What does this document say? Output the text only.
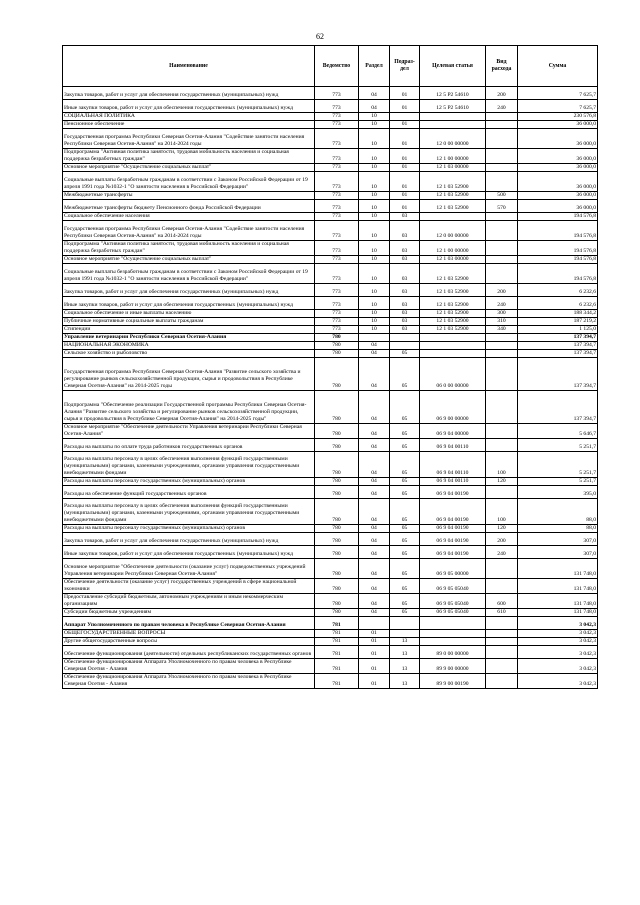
62
Наименование	Ведомство	Раздел	Подраз-дел	Целевая статья	Вид расхода	Сумма
Закупка товаров, работ и услуг для обеспечения государственных (муниципальных) нужд	773	04	01	12 5 P2 54610	200	7 625,7
Иные закупки товаров, работ и услуг для обеспечения государственных (муниципальных) нужд	773	04	01	12 5 P2 54610	240	7 625,7
СОЦИАЛЬНАЯ ПОЛИТИКА	773	10				230 576,8
Пенсионное обеспечение	773	10	01			36 000,0
Государственная программа Республики Северная Осетия-Алания "Содействие занятости населения Республики Северная Осетия-Алания" на 2014-2024 годы	773	10	01	12 0 00 00000		36 000,0
Подпрограмма "Активная политика занятости, трудовая мобильность населения и социальная поддержка безработных граждан"	773	10	01	12 1 00 00000		36 000,0
Основное мероприятие "Осуществление социальных выплат"	773	10	01	12 1 03 00000		36 000,0
Социальные выплаты безработным гражданам в соответствии с Законом Российской Федерации от 19 апреля 1991 года №1032-1 "О занятости населения в Российской Федерации"	773	10	01	12 1 03 52900		36 000,0
Межбюджетные трансферты	773	10	01	12 1 03 52900	500	36 000,0
Межбюджетные трансферты бюджету Пенсионного фонда Российской Федерации	773	10	01	12 1 03 52900	570	36 000,0
Социальное обеспечение населения	773	10	03			194 576,8
Государственная программа Республики Северная Осетия-Алания "Содействие занятости населения Республики Северная Осетия-Алания" на 2014-2024 годы	773	10	03	12 0 00 00000		194 576,8
Подпрограмма "Активная политика занятости, трудовая мобильность населения и социальная поддержка безработных граждан"	773	10	03	12 1 00 00000		194 576,8
Основное мероприятие "Осуществление социальных выплат"	773	10	03	12 1 03 00000		194 576,8
Социальные выплаты безработным гражданам в соответствии с Законом Российской Федерации от 19 апреля 1991 года №1032-1 "О занятости населения в Российской Федерации"	773	10	03	12 1 03 52900		194 576,8
Закупка товаров, работ и услуг для обеспечения государственных (муниципальных) нужд	773	10	03	12 1 03 52900	200	6 232,6
Иные закупки товаров, работ и услуг для обеспечения государственных (муниципальных) нужд	773	10	03	12 1 03 52900	240	6 232,6
Социальное обеспечение и иные выплаты населению	773	10	03	12 1 03 52900	300	188 344,2
Публичные нормативные социальные выплаты гражданам	773	10	03	12 1 03 52900	310	187 219,2
Стипендии	773	10	03	12 1 03 52900	340	1 125,0
Управление ветеринарии Республики Северная Осетия-Алания	780					137 394,7
НАЦИОНАЛЬНАЯ ЭКОНОМИКА	780	04				137 394,7
Сельское хозяйство и рыболовство	780	04	05			137 394,7
Государственная программа Республики Северная Осетия-Алания "Развитие сельского хозяйства и регулирование рынков сельскохозяйственной продукции, сырья и продовольствия в Республике Северная Осетия-Алания" на 2014-2025 годы	780	04	05	06 0 00 00000		137 394,7
Подпрограмма "Обеспечение реализации Государственной программы Республики Северная Осетия-Алания "Развитие сельского хозяйства и регулирование рынков сельскохозяйственной продукции, сырья и продовольствия в Республике Северная Осетия-Алания" на 2014-2025 годы"	780	04	05	06 9 00 00000		137 394,7
Основное мероприятие "Обеспечение деятельности Управления ветеринарии Республики Северная Осетия-Алания"	780	04	05	06 9 04 00000		5 646,7
Расходы на выплаты по оплате труда работников государственных органов	780	04	05	06 9 04 00110		5 251,7
Расходы на выплаты персоналу в целях обеспечения выполнения функций государственными (муниципальными) органами, казенными учреждениями, органами управления государственными внебюджетными фондами	780	04	05	06 9 04 00110	100	5 251,7
Расходы на выплаты персоналу государственных (муниципальных) органов	780	04	05	06 9 04 00110	120	5 251,7
Расходы на обеспечение функций государственных органов	780	04	05	06 9 04 00190		395,0
Расходы на выплаты персоналу в целях обеспечения выполнения функций государственными (муниципальными) органами, казенными учреждениями, органами управления государственными внебюджетными фондами	780	04	05	06 9 04 00190	100	88,0
Расходы на выплаты персоналу государственных (муниципальных) органов	780	04	05	06 9 04 00190	120	88,0
Закупка товаров, работ и услуг для обеспечения государственных (муниципальных) нужд	780	04	05	06 9 04 00190	200	307,0
Иные закупки товаров, работ и услуг для обеспечения государственных (муниципальных) нужд	780	04	05	06 9 04 00190	240	307,0
Основное мероприятие "Обеспечение деятельности (оказание услуг) подведомственных учреждений Управления ветеринарии Республики Северная Осетия-Алания"	780	04	05	06 9 05 00000		131 748,0
Обеспечение деятельности (оказание услуг) государственных учреждений в сфере национальной экономики	780	04	05	06 9 05 05040		131 748,0
Предоставление субсидий бюджетным, автономным учреждениям и иным некоммерческим организациям	780	04	05	06 9 05 05040	600	131 748,0
Субсидии бюджетным учреждениям	780	04	05	06 9 05 05040	610	131 748,0
Аппарат Уполномоченного по правам человека в Республике Северная Осетия-Алания	781					3 042,3
ОБЩЕГОСУДАРСТВЕННЫЕ ВОПРОСЫ	781	01				3 042,3
Другие общегосударственные вопросы	781	01	13			3 042,3
Обеспечение функционирования (деятельности) отдельных республиканских государственных органов	781	01	13	89 0 00 00000		3 042,3
Обеспечение функционирования Аппарата Уполномоченного по правам человека в Республике Северная Осетия - Алания	781	01	13	89 9 00 00000		3 042,3
Обеспечение функционирования Аппарата Уполномоченного по правам человека в Республике Северная Осетия - Алания	781	01	13	89 9 00 00190		3 042,3
